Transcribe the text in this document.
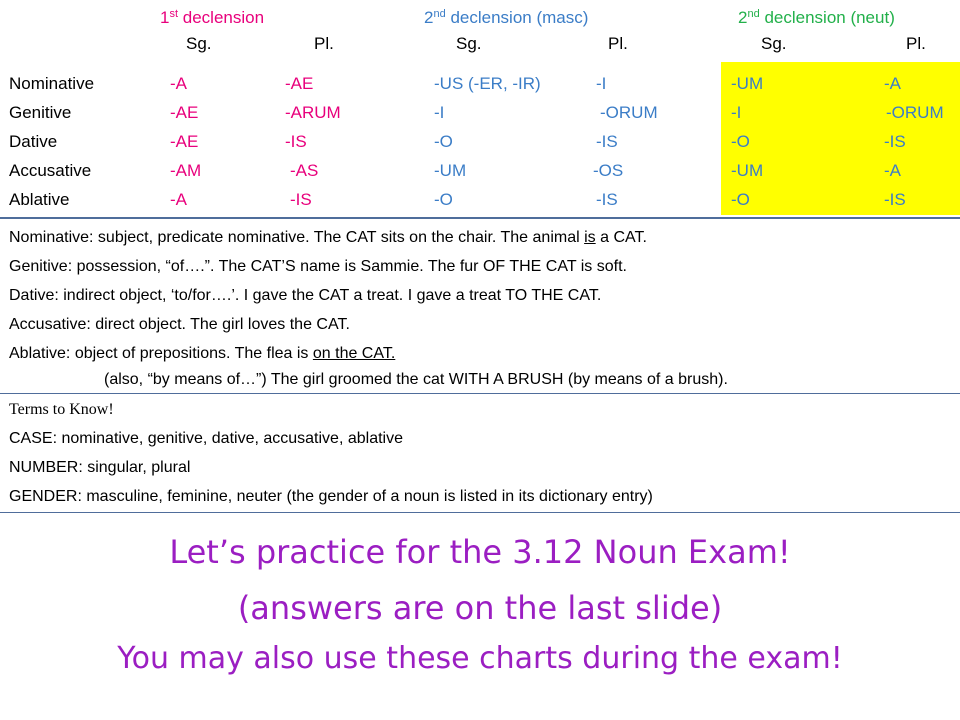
1st declension	2nd declension (masc)	2nd declension (neut)
Sg.	Pl.	Sg.	Pl.	Sg.	Pl.
Nominative	-A	-AE	-US (-ER, -IR)	-I	-UM	-A
Genitive	-AE	-ARUM	-I	-ORUM	-I	-ORUM
Dative	-AE	-IS	-O	-IS	-O	-IS
Accusative	-AM	-AS	-UM	-OS	-UM	-A
Ablative	-A	-IS	-O	-IS	-O	-IS
Nominative: subject, predicate nominative. The CAT sits on the chair. The animal is a CAT.
Genitive: possession, “of….”. The CAT’S name is Sammie. The fur OF THE CAT is soft.
Dative: indirect object, ‘to/for….’. I gave the CAT a treat. I gave a treat TO THE CAT.
Accusative: direct object. The girl loves the CAT.
Ablative: object of prepositions. The flea is on the CAT.
(also, “by means of…”) The girl groomed the cat WITH A BRUSH (by means of a brush).
Terms to Know!
CASE: nominative, genitive, dative, accusative, ablative
NUMBER: singular, plural
GENDER: masculine, feminine, neuter (the gender of a noun is listed in its dictionary entry)
Let’s practice for the 3.12 Noun Exam!
(answers are on the last slide)
You may also use these charts during the exam!
